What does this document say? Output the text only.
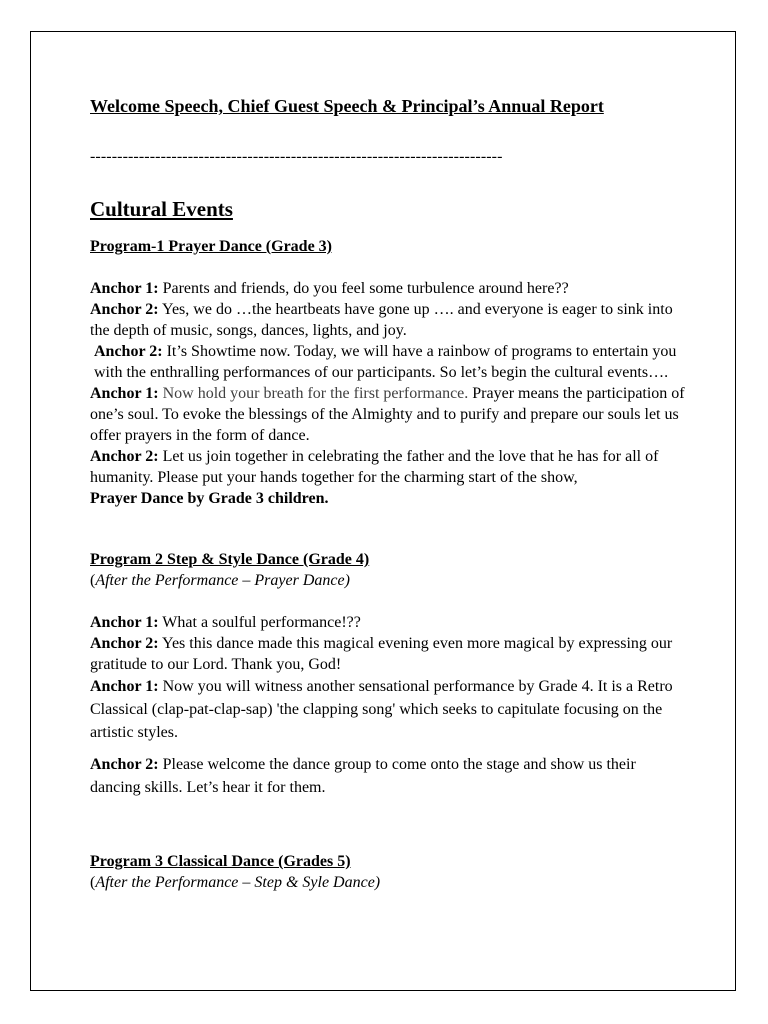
Welcome Speech, Chief Guest Speech & Principal’s Annual Report
----------------------------------------------------------------------------
Cultural Events
Program-1 Prayer Dance (Grade 3)

Anchor 1: Parents and friends, do you feel some turbulence around here??

Anchor 2: Yes, we do …the heartbeats have gone up …. and everyone is eager to sink into the depth of music, songs, dances, lights, and joy.

Anchor 2: It’s Showtime now. Today, we will have a rainbow of programs to entertain you with the enthralling performances of our participants. So let’s begin the cultural events….

Anchor 1: Now hold your breath for the first performance. Prayer means the participation of one’s soul. To evoke the blessings of the Almighty and to purify and prepare our souls let us offer prayers in the form of dance.

Anchor 2: Let us join together in celebrating the father and the love that he has for all of humanity. Please put your hands together for the charming start of the show,

Prayer Dance by Grade 3 children.

Program 2 Step & Style Dance (Grade 4)
(After the Performance – Prayer Dance)

Anchor 1: What a soulful performance!??

Anchor 2: Yes this dance made this magical evening even more magical by expressing our gratitude to our Lord. Thank you, God!

Anchor 1: Now you will witness another sensational performance by Grade 4. It is a Retro Classical (clap-pat-clap-sap) 'the clapping song' which seeks to capitulate focusing on the artistic styles.

Anchor 2: Please welcome the dance group to come onto the stage and show us their dancing skills. Let’s hear it for them.

Program 3 Classical Dance (Grades 5)
(After the Performance – Step & Syle Dance)
